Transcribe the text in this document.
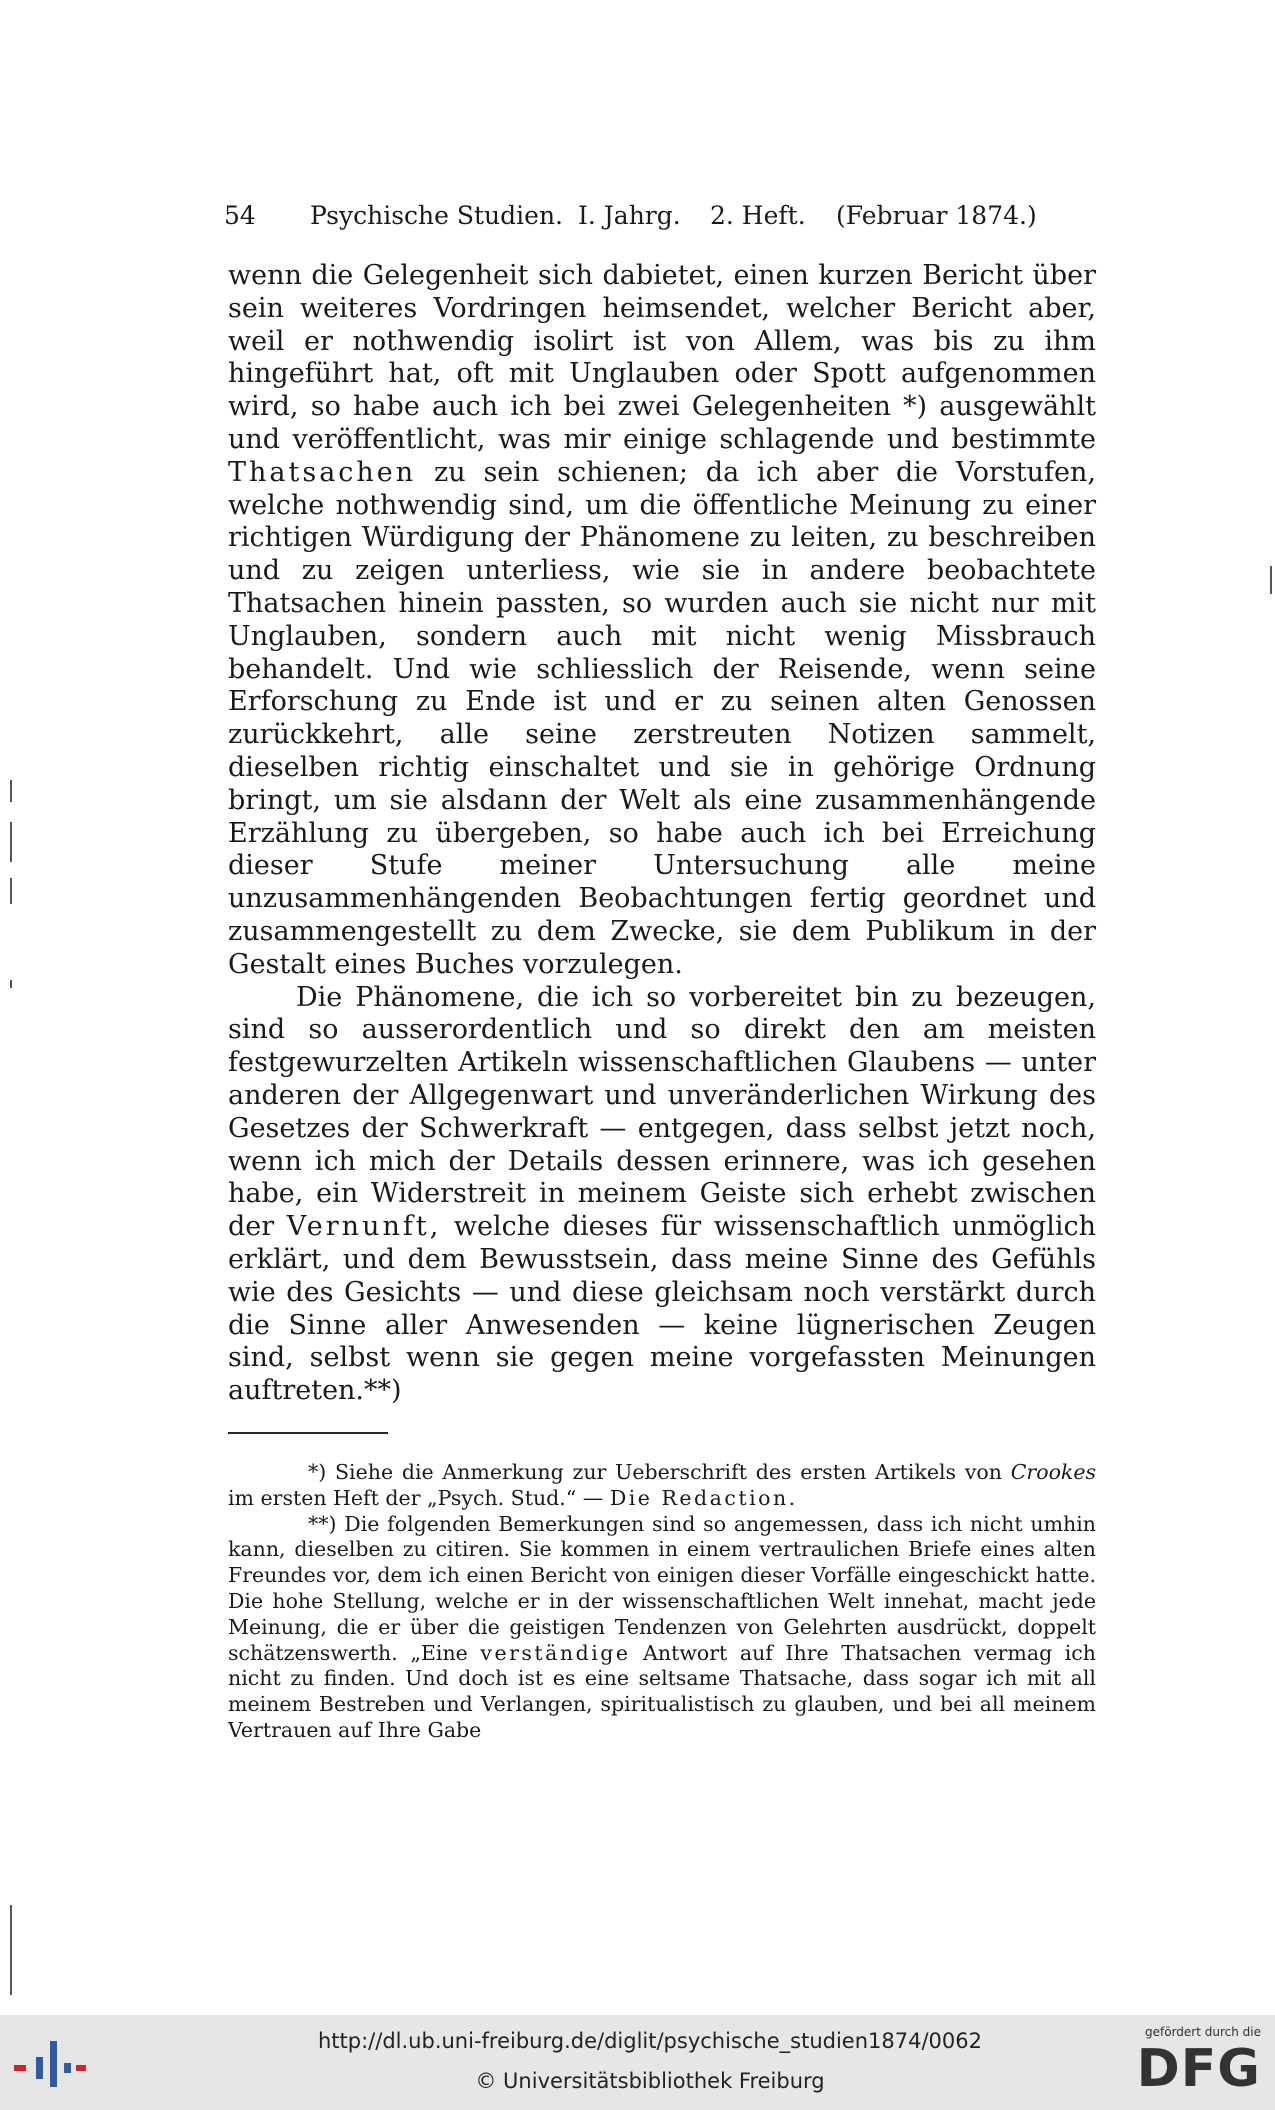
54 Psychische Studien. I. Jahrg. 2. Heft. (Februar 1874.)

wenn die Gelegenheit sich dabietet, einen kurzen Bericht über sein weiteres Vordringen heimsendet, welcher Bericht aber, weil er nothwendig isolirt ist von Allem, was bis zu ihm hingeführt hat, oft mit Unglauben oder Spott aufgenommen wird, so habe auch ich bei zwei Gelegenheiten *) ausgewählt und veröffentlicht, was mir einige schlagende und bestimmte Thatsachen zu sein schienen; da ich aber die Vorstufen, welche nothwendig sind, um die öffentliche Meinung zu einer richtigen Würdigung der Phänomene zu leiten, zu beschreiben und zu zeigen unterliess, wie sie in andere beobachtete Thatsachen hinein passten, so wurden auch sie nicht nur mit Unglauben, sondern auch mit nicht wenig Missbrauch behandelt. Und wie schliesslich der Reisende, wenn seine Erforschung zu Ende ist und er zu seinen alten Genossen zurückkehrt, alle seine zerstreuten Notizen sammelt, dieselben richtig einschaltet und sie in gehörige Ordnung bringt, um sie alsdann der Welt als eine zusammenhängende Erzählung zu übergeben, so habe auch ich bei Erreichung dieser Stufe meiner Untersuchung alle meine unzusammenhängenden Beobachtungen fertig geordnet und zusammengestellt zu dem Zwecke, sie dem Publikum in der Gestalt eines Buches vorzulegen.

Die Phänomene, die ich so vorbereitet bin zu bezeugen, sind so ausserordentlich und so direkt den am meisten festgewurzelten Artikeln wissenschaftlichen Glaubens — unter anderen der Allgegenwart und unveränderlichen Wirkung des Gesetzes der Schwerkraft — entgegen, dass selbst jetzt noch, wenn ich mich der Details dessen erinnere, was ich gesehen habe, ein Widerstreit in meinem Geiste sich erhebt zwischen der Vernunft, welche dieses für wissenschaftlich unmöglich erklärt, und dem Bewusstsein, dass meine Sinne des Gefühls wie des Gesichts — und diese gleichsam noch verstärkt durch die Sinne aller Anwesenden — keine lügnerischen Zeugen sind, selbst wenn sie gegen meine vorgefassten Meinungen auftreten.**)

*) Siehe die Anmerkung zur Ueberschrift des ersten Artikels von Crookes im ersten Heft der „Psych. Stud.“ — Die Redaction.

**) Die folgenden Bemerkungen sind so angemessen, dass ich nicht umhin kann, dieselben zu citiren. Sie kommen in einem vertraulichen Briefe eines alten Freundes vor, dem ich einen Bericht von einigen dieser Vorfälle eingeschickt hatte. Die hohe Stellung, welche er in der wissenschaftlichen Welt innehat, macht jede Meinung, die er über die geistigen Tendenzen von Gelehrten ausdrückt, doppelt schätzenswerth. „Eine verständige Antwort auf Ihre Thatsachen vermag ich nicht zu finden. Und doch ist es eine seltsame Thatsache, dass sogar ich mit all meinem Bestreben und Verlangen, spiritualistisch zu glauben, und bei all meinem Vertrauen auf Ihre Gabe

http://dl.ub.uni-freiburg.de/diglit/psychische_studien1874/0062
© Universitätsbibliothek Freiburg
gefördert durch die
DFG
